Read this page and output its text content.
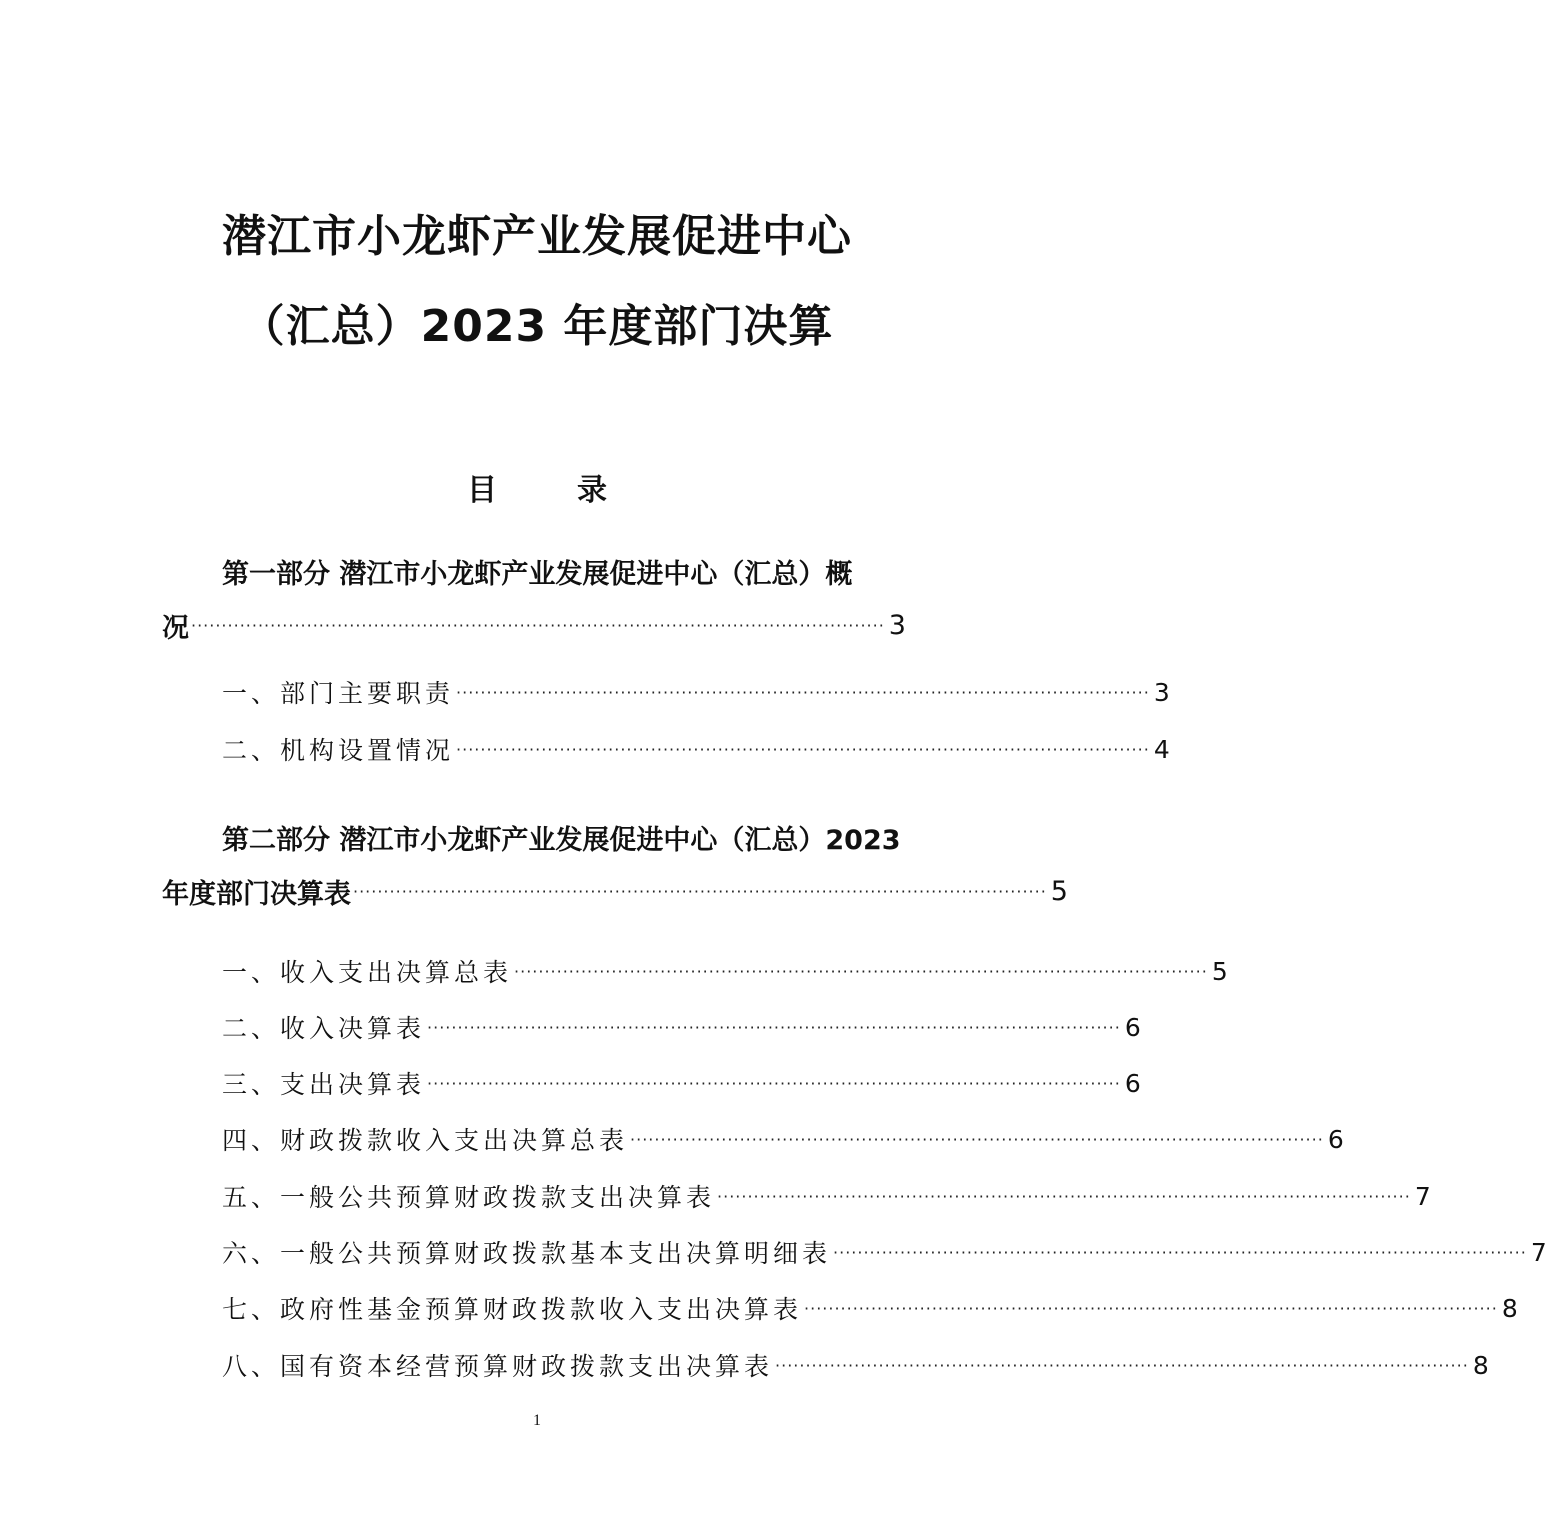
潜江市小龙虾产业发展促进中心
（汇总）2023 年度部门决算
目	录
第一部分 潜江市小龙虾产业发展促进中心（汇总）概
况 ·················································································································· 3
一、部门主要职责 ·················································································································· 3
二、机构设置情况 ·················································································································· 4
第二部分 潜江市小龙虾产业发展促进中心（汇总）2023
年度部门决算表 ·················································································································· 5
一、收入支出决算总表 ·················································································································· 5
二、收入决算表 ·················································································································· 6
三、支出决算表 ·················································································································· 6
四、财政拨款收入支出决算总表 ·················································································································· 6
五、一般公共预算财政拨款支出决算表 ·················································································································· 7
六、一般公共预算财政拨款基本支出决算明细表 ·················································································································· 7
七、政府性基金预算财政拨款收入支出决算表 ·················································································································· 8
八、国有资本经营预算财政拨款支出决算表 ·················································································································· 8
1
